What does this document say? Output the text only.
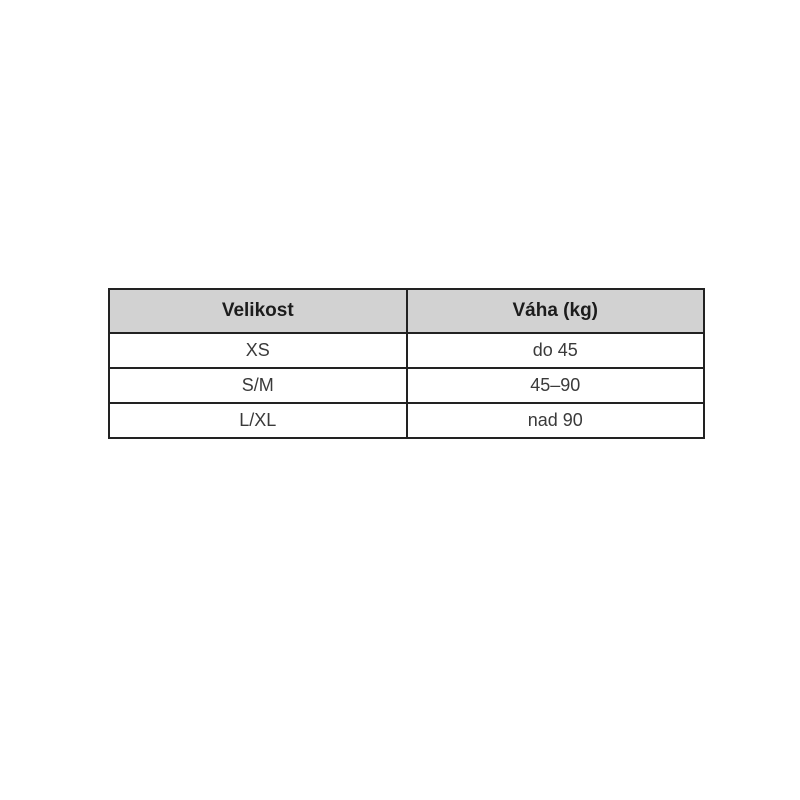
Velikost	Váha (kg)
XS	do 45
S/M	45–90
L/XL	nad 90
